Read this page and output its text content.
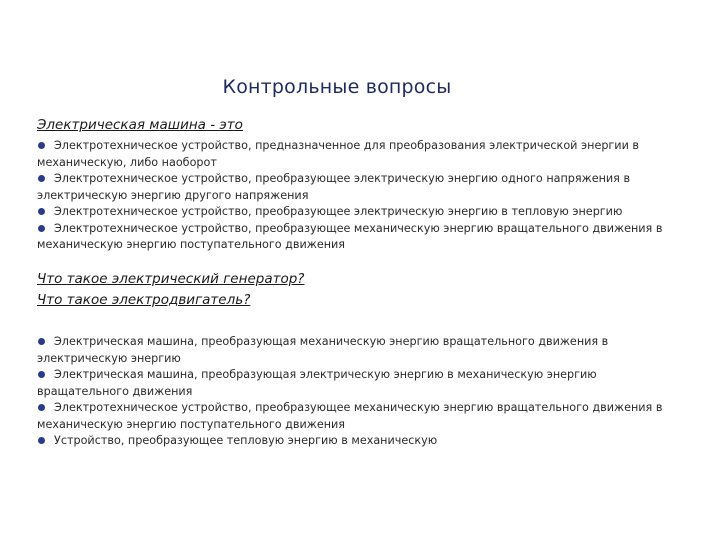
Контрольные вопросы

Электрическая машина - это

Электротехническое устройство, предназначенное для преобразования электрической энергии в механическую, либо наоборот
Электротехническое устройство, преобразующее электрическую энергию одного напряжения в электрическую энергию другого напряжения
Электротехническое устройство, преобразующее электрическую энергию в тепловую энергию
Электротехническое устройство, преобразующее механическую энергию вращательного движения в механическую энергию поступательного движения

Что такое электрический генератор?

Что такое электродвигатель?

Электрическая машина, преобразующая механическую энергию вращательного движения в электрическую энергию
Электрическая машина, преобразующая электрическую энергию в механическую энергию вращательного движения
Электротехническое устройство, преобразующее механическую энергию вращательного движения в механическую энергию поступательного движения
Устройство, преобразующее тепловую энергию в механическую
